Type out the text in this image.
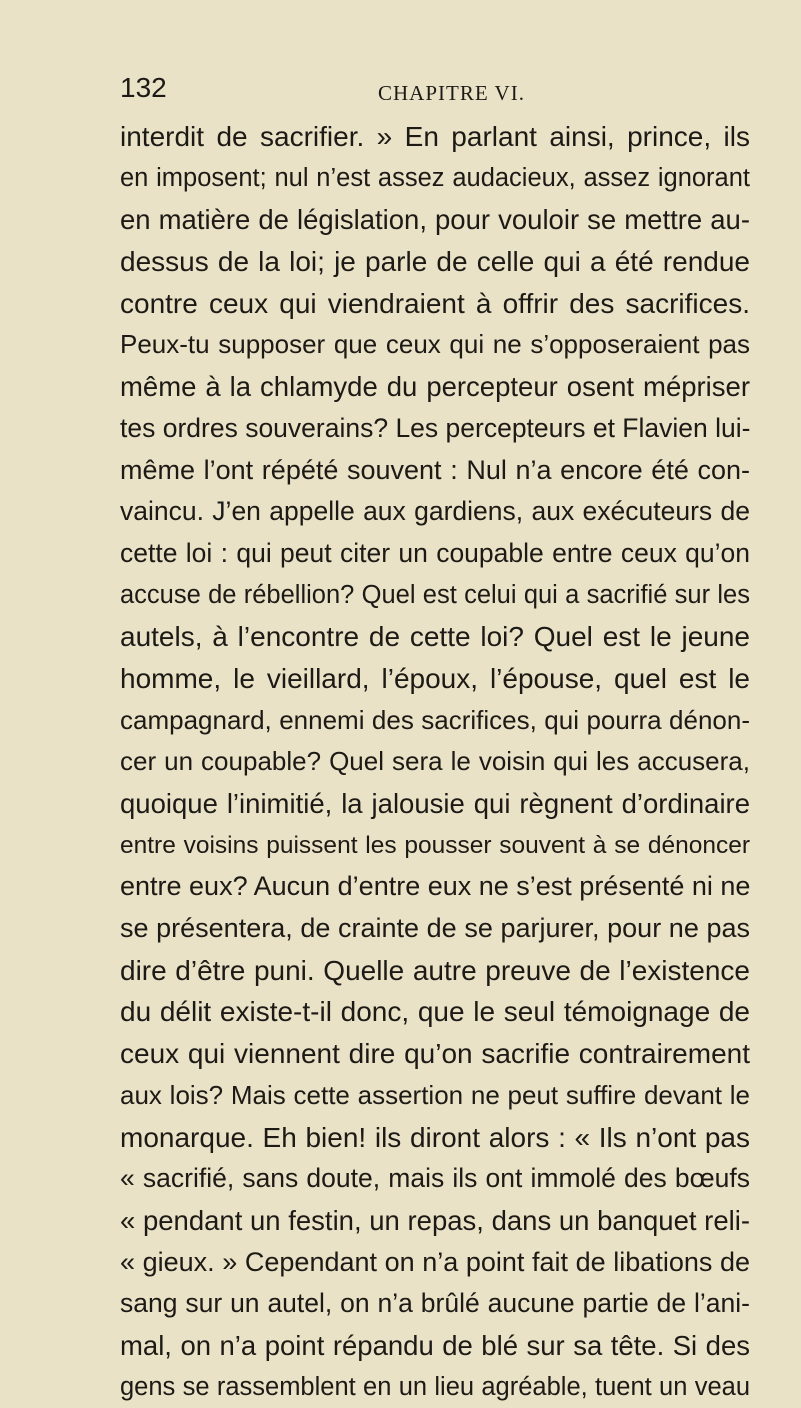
132	CHAPITRE VI.
interdit de sacrifier. » En parlant ainsi, prince, ils
en imposent; nul n’est assez audacieux, assez ignorant
en matière de législation, pour vouloir se mettre au-
dessus de la loi; je parle de celle qui a été rendue
contre ceux qui viendraient à offrir des sacrifices.
Peux-tu supposer que ceux qui ne s’opposeraient pas
même à la chlamyde du percepteur osent mépriser
tes ordres souverains? Les percepteurs et Flavien lui-
même l’ont répété souvent : Nul n’a encore été con-
vaincu. J’en appelle aux gardiens, aux exécuteurs de
cette loi : qui peut citer un coupable entre ceux qu’on
accuse de rébellion? Quel est celui qui a sacrifié sur les
autels, à l’encontre de cette loi? Quel est le jeune
homme, le vieillard, l’époux, l’épouse, quel est le
campagnard, ennemi des sacrifices, qui pourra dénon-
cer un coupable? Quel sera le voisin qui les accusera,
quoique l’inimitié, la jalousie qui règnent d’ordinaire
entre voisins puissent les pousser souvent à se dénoncer
entre eux? Aucun d’entre eux ne s’est présenté ni ne
se présentera, de crainte de se parjurer, pour ne pas
dire d’être puni. Quelle autre preuve de l’existence
du délit existe-t-il donc, que le seul témoignage de
ceux qui viennent dire qu’on sacrifie contrairement
aux lois? Mais cette assertion ne peut suffire devant le
monarque. Eh bien! ils diront alors : « Ils n’ont pas
« sacrifié, sans doute, mais ils ont immolé des bœufs
« pendant un festin, un repas, dans un banquet reli-
« gieux. » Cependant on n’a point fait de libations de
sang sur un autel, on n’a brûlé aucune partie de l’ani-
mal, on n’a point répandu de blé sur sa tête. Si des
gens se rassemblent en un lieu agréable, tuent un veau
